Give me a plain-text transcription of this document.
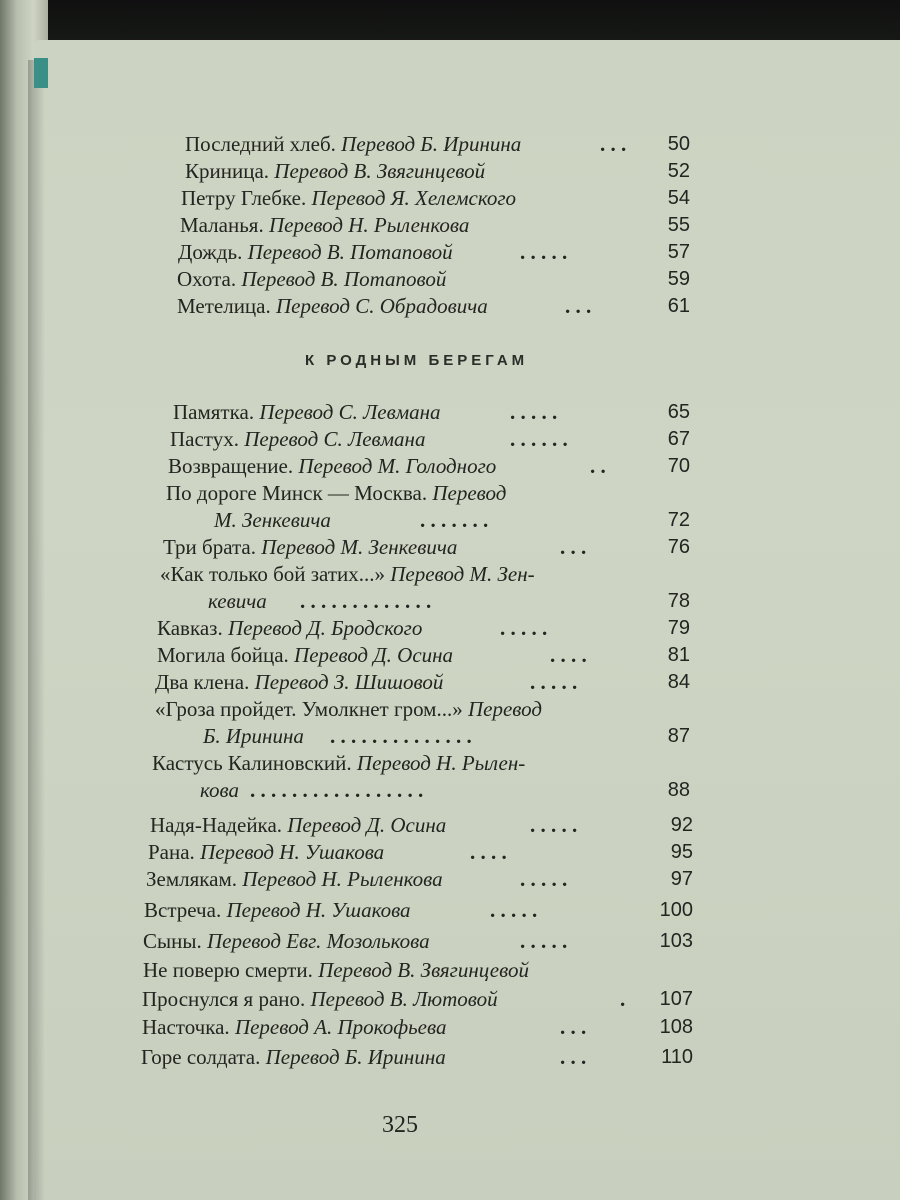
К РОДНЫМ БЕРЕГАМ
Последний хлеб. Перевод Б. Иринина	. . .	50
Криница. Перевод В. Звягинцевой	52
Петру Глебке. Перевод Я. Хелемского	54
Маланья. Перевод Н. Рыленкова	55
Дождь. Перевод В. Потаповой	. . . . .	57
Охота. Перевод В. Потаповой	59
Метелица. Перевод С. Обрадовича	. . .	61
Памятка. Перевод С. Левмана	. . . . .	65
Пастух. Перевод С. Левмана	. . . . . .	67
Возвращение. Перевод М. Голодного	. .	70
По дороге Минск — Москва. Перевод
М. Зенкевича	. . . . . . .	72
Три брата. Перевод М. Зенкевича	. . .	76
«Как только бой затих...» Перевод М. Зен-
кевича . . . . . . . . . . . . .	78
Кавказ. Перевод Д. Бродского	. . . . .	79
Могила бойца. Перевод Д. Осина	. . . .	81
Два клена. Перевод З. Шишовой	. . . . .	84
«Гроза пройдет. Умолкнет гром...» Перевод
Б. Иринина . . . . . . . . . . . . . .	87
Кастусь Калиновский. Перевод Н. Рылен-
кова . . . . . . . . . . . . . . . . .	88
Надя-Надейка. Перевод Д. Осина	. . . . .	92
Рана. Перевод Н. Ушакова	. . . .	95
Землякам. Перевод Н. Рыленкова	. . . . .	97
Встреча. Перевод Н. Ушакова	. . . . .	100
Сыны. Перевод Евг. Мозолькова	. . . . .	103
Не поверю смерти. Перевод В. Звягинцевой
Проснулся я рано. Перевод В. Лютовой	.	107
Насточка. Перевод А. Прокофьева	. . .	108
Горе солдата. Перевод Б. Иринина	. . .	110
325
